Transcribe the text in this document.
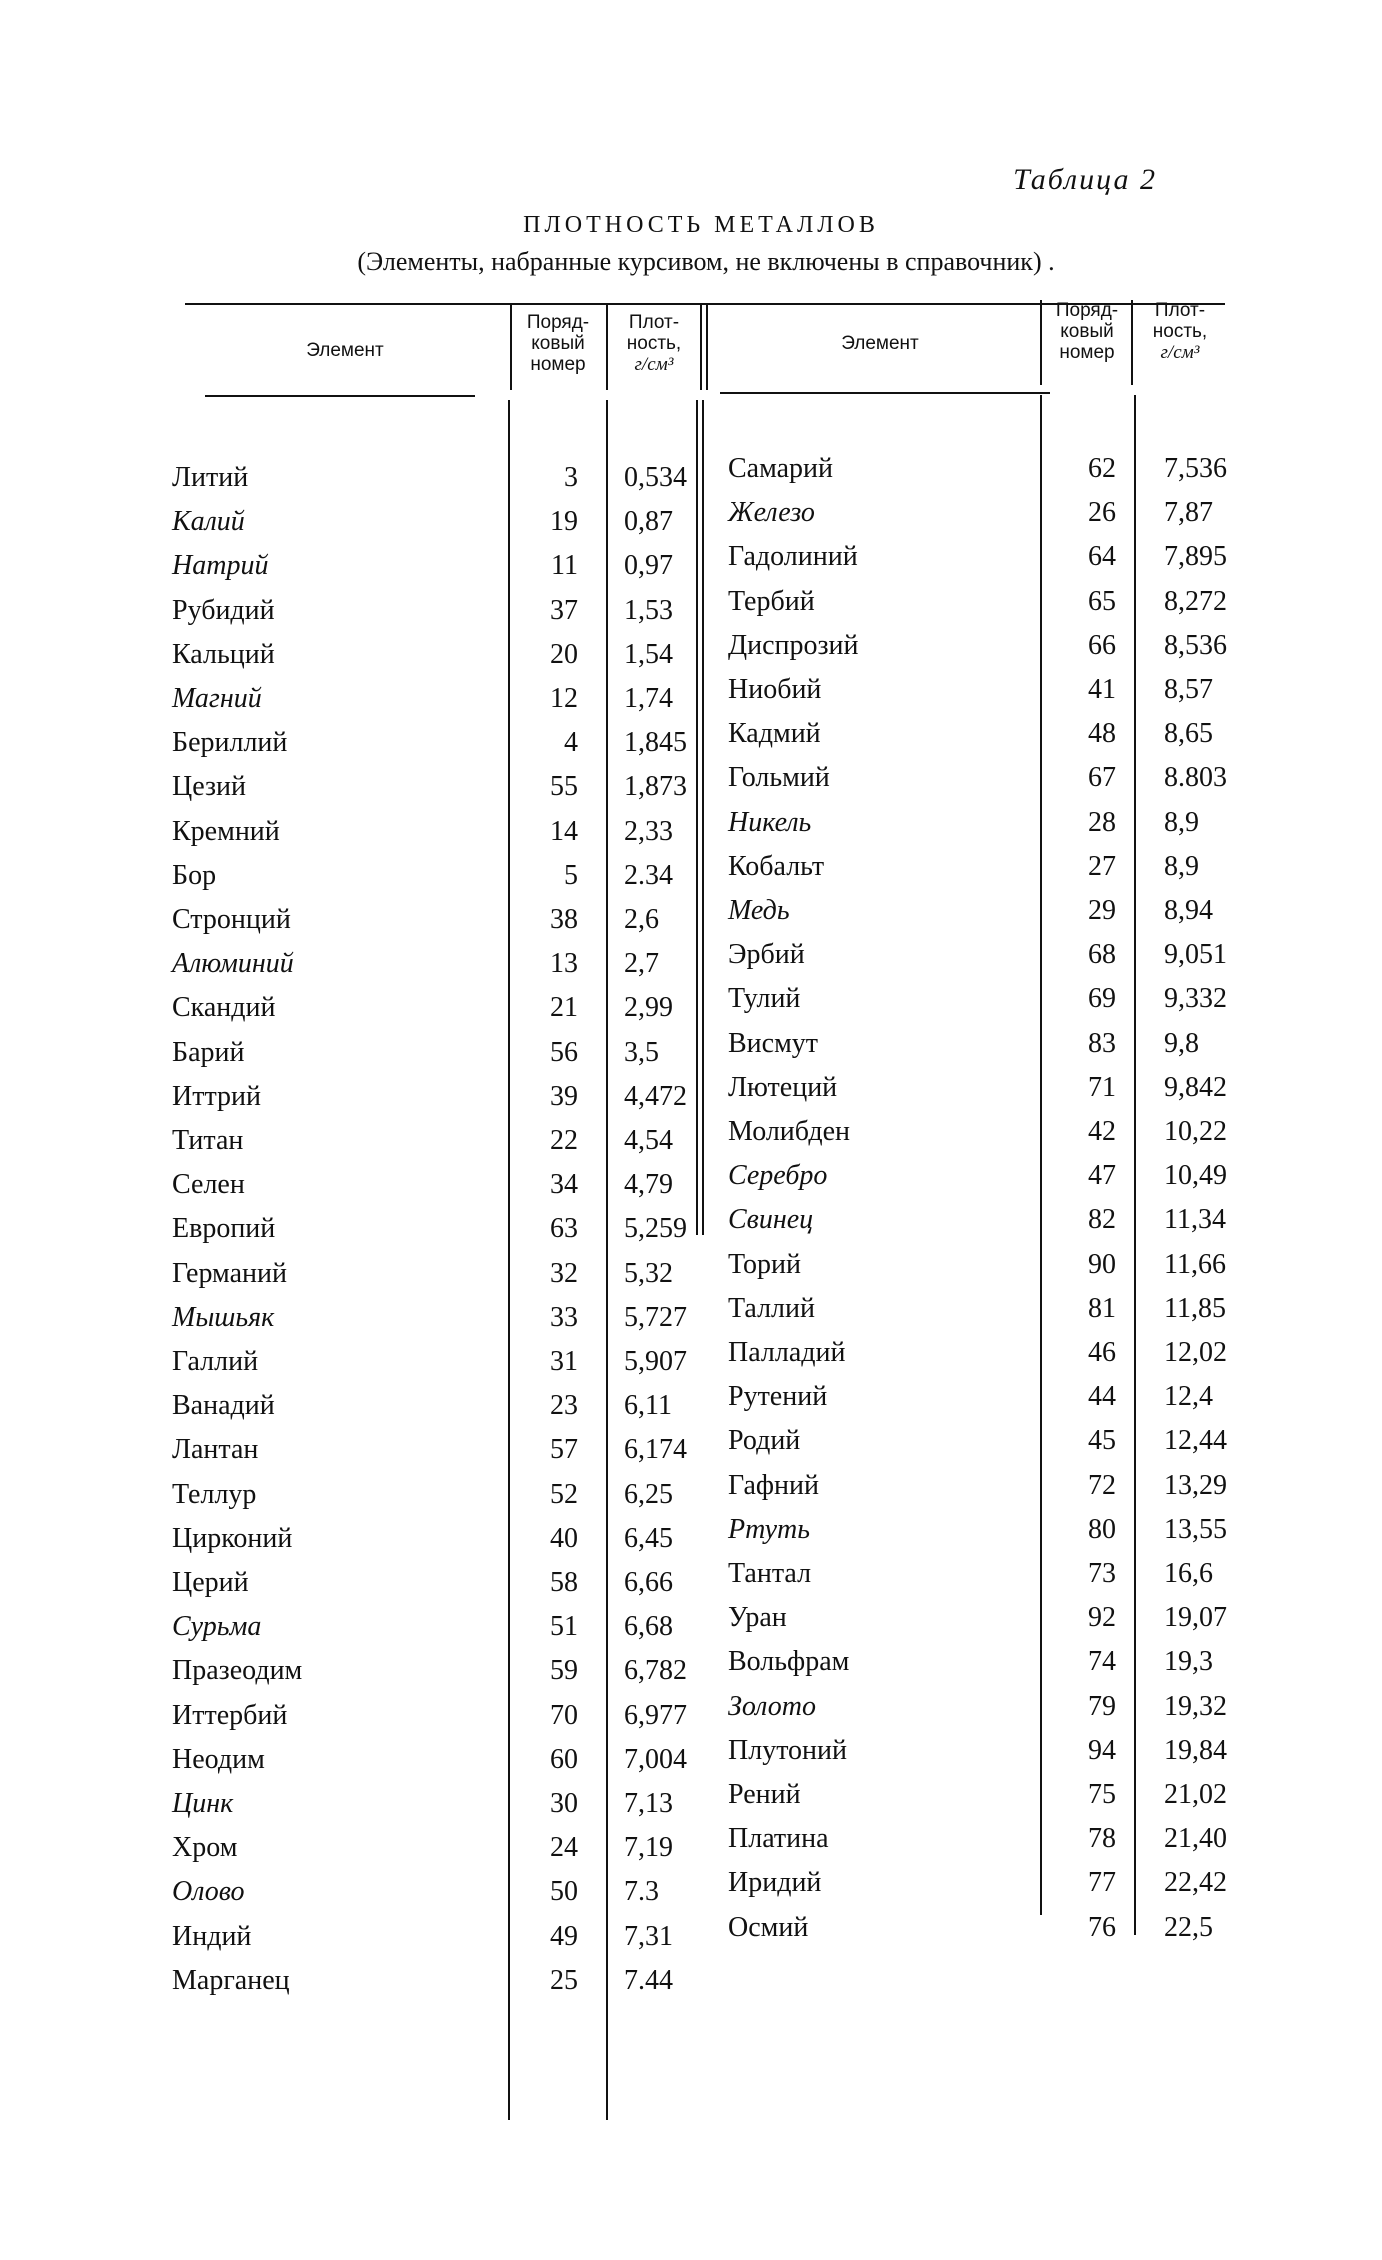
Таблица 2
ПЛОТНОСТЬ МЕТАЛЛОВ
(Элементы, набранные курсивом, не включены в справочник) .
Элемент
Поряд-
ковый
номер
Плот-
ность,
г/см³
Элемент
Поряд-
ковый
номер
Плот-
ность,
г/см³
Литий	3 0,534
Калий	19 0,87
Натрий	11 0,97
Рубидий	37 1,53
Кальций	20 1,54
Магний	12 1,74
Бериллий	4 1,845
Цезий	55 1,873
Кремний	14 2,33
Бор	5 2.34
Стронций	38 2,6
Алюминий	13 2,7
Скандий	21 2,99
Барий	56 3,5
Иттрий	39 4,472
Титан	22 4,54
Селен	34 4,79
Европий	63 5,259
Германий	32 5,32
Мышьяк	33 5,727
Галлий	31 5,907
Ванадий	23 6,11
Лантан	57 6,174
Теллур	52 6,25
Цирконий	40 6,45
Церий	58 6,66
Сурьма	51 6,68
Празеодим	59 6,782
Иттербий	70 6,977
Неодим	60 7,004
Цинк	30 7,13
Хром	24 7,19
Олово	50 7.3
Индий	49 7,31
Марганец	25 7.44
Самарий	62 7,536
Железо	26 7,87
Гадолиний	64 7,895
Тербий	65 8,272
Диспрозий	66 8,536
Ниобий	41 8,57
Кадмий	48 8,65
Гольмий	67 8.803
Никель	28 8,9
Кобальт	27 8,9
Медь	29 8,94
Эрбий	68 9,051
Тулий	69 9,332
Висмут	83 9,8
Лютеций	71 9,842
Молибден	42 10,22
Серебро	47 10,49
Свинец	82 11,34
Торий	90 11,66
Таллий	81 11,85
Палладий	46 12,02
Рутений	44 12,4
Родий	45 12,44
Гафний	72 13,29
Ртуть	80 13,55
Тантал	73 16,6
Уран	92 19,07
Вольфрам	74 19,3
Золото	79 19,32
Плутоний	94 19,84
Рений	75 21,02
Платина	78 21,40
Иридий	77 22,42
Осмий	76 22,5
